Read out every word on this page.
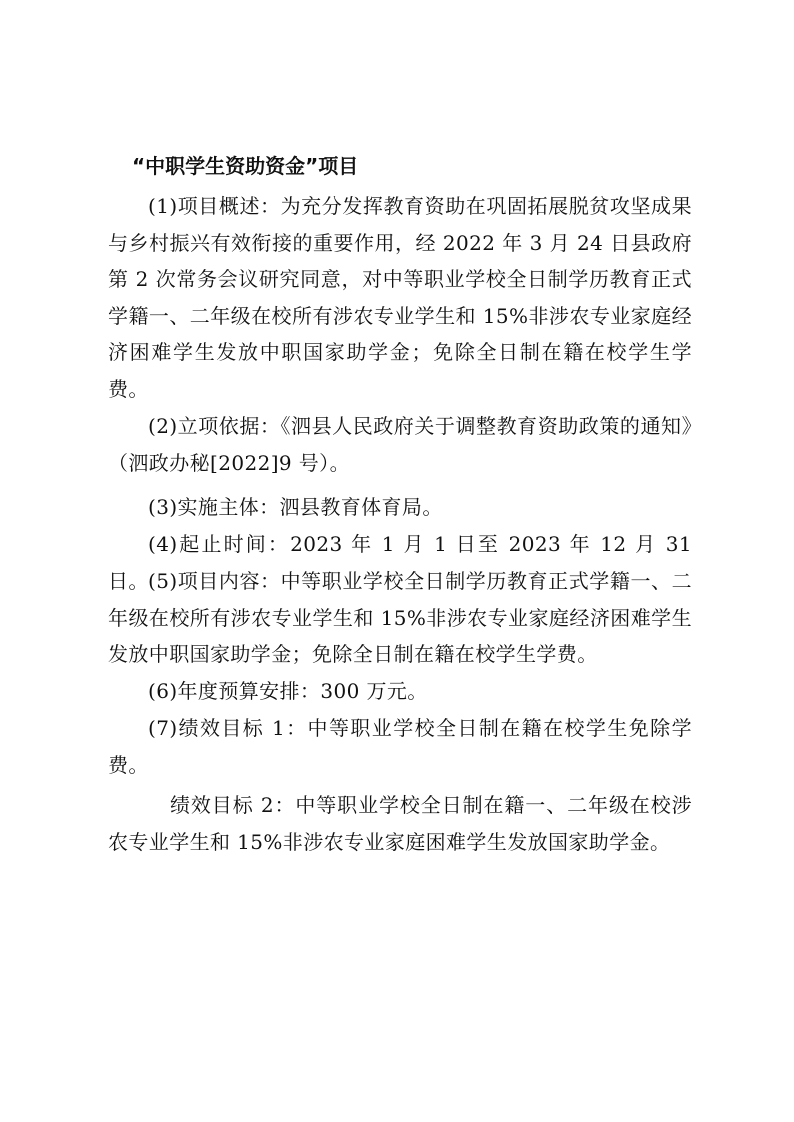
“中职学生资助资金”项目

(1)项目概述：为充分发挥教育资助在巩固拓展脱贫攻坚成果与乡村振兴有效衔接的重要作用，经 2022 年 3 月 24 日县政府第 2 次常务会议研究同意，对中等职业学校全日制学历教育正式学籍一、二年级在校所有涉农专业学生和 15%非涉农专业家庭经济困难学生发放中职国家助学金；免除全日制在籍在校学生学费。

(2)立项依据：《泗县人民政府关于调整教育资助政策的通知》（泗政办秘[2022]9 号）。

(3)实施主体：泗县教育体育局。

(4)起止时间：2023 年 1 月 1 日至 2023 年 12 月 31 日。 (5)项目内容：中等职业学校全日制学历教育正式学籍一、二年级在校所有涉农专业学生和 15%非涉农专业家庭经济困难学生发放中职国家助学金；免除全日制在籍在校学生学费。

(6)年度预算安排：300 万元。

(7)绩效目标 1：中等职业学校全日制在籍在校学生免除学费。

绩效目标 2：中等职业学校全日制在籍一、二年级在校涉农专业学生和 15%非涉农专业家庭困难学生发放国家助学金。
